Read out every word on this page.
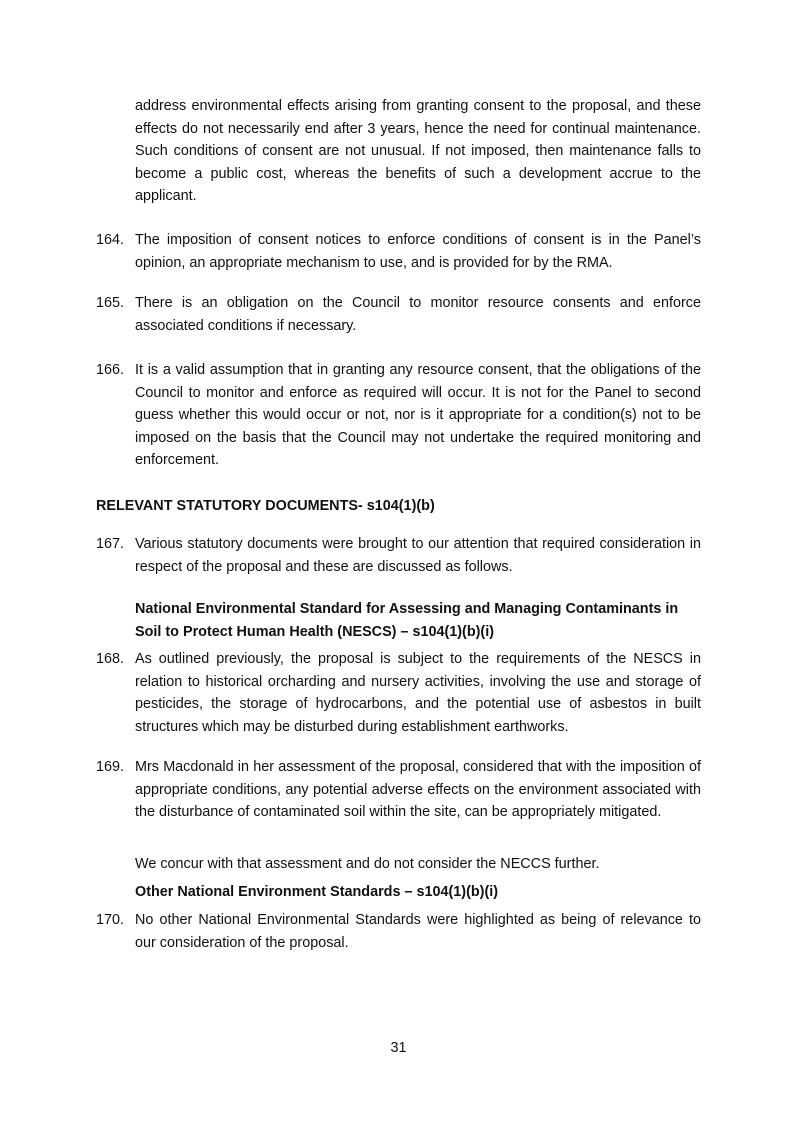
address environmental effects arising from granting consent to the proposal, and these effects do not necessarily end after 3 years, hence the need for continual maintenance. Such conditions of consent are not unusual. If not imposed, then maintenance falls to become a public cost, whereas the benefits of such a development accrue to the applicant.
164. The imposition of consent notices to enforce conditions of consent is in the Panel’s opinion, an appropriate mechanism to use, and is provided for by the RMA.
165. There is an obligation on the Council to monitor resource consents and enforce associated conditions if necessary.
166. It is a valid assumption that in granting any resource consent, that the obligations of the Council to monitor and enforce as required will occur. It is not for the Panel to second guess whether this would occur or not, nor is it appropriate for a condition(s) not to be imposed on the basis that the Council may not undertake the required monitoring and enforcement.
RELEVANT STATUTORY DOCUMENTS- s104(1)(b)
167. Various statutory documents were brought to our attention that required consideration in respect of the proposal and these are discussed as follows.
National Environmental Standard for Assessing and Managing Contaminants in Soil to Protect Human Health (NESCS) – s104(1)(b)(i)
168. As outlined previously, the proposal is subject to the requirements of the NESCS in relation to historical orcharding and nursery activities, involving the use and storage of pesticides, the storage of hydrocarbons, and the potential use of asbestos in built structures which may be disturbed during establishment earthworks.
169. Mrs Macdonald in her assessment of the proposal, considered that with the imposition of appropriate conditions, any potential adverse effects on the environment associated with the disturbance of contaminated soil within the site, can be appropriately mitigated.
We concur with that assessment and do not consider the NECCS further.
Other National Environment Standards – s104(1)(b)(i)
170. No other National Environmental Standards were highlighted as being of relevance to our consideration of the proposal.
31
